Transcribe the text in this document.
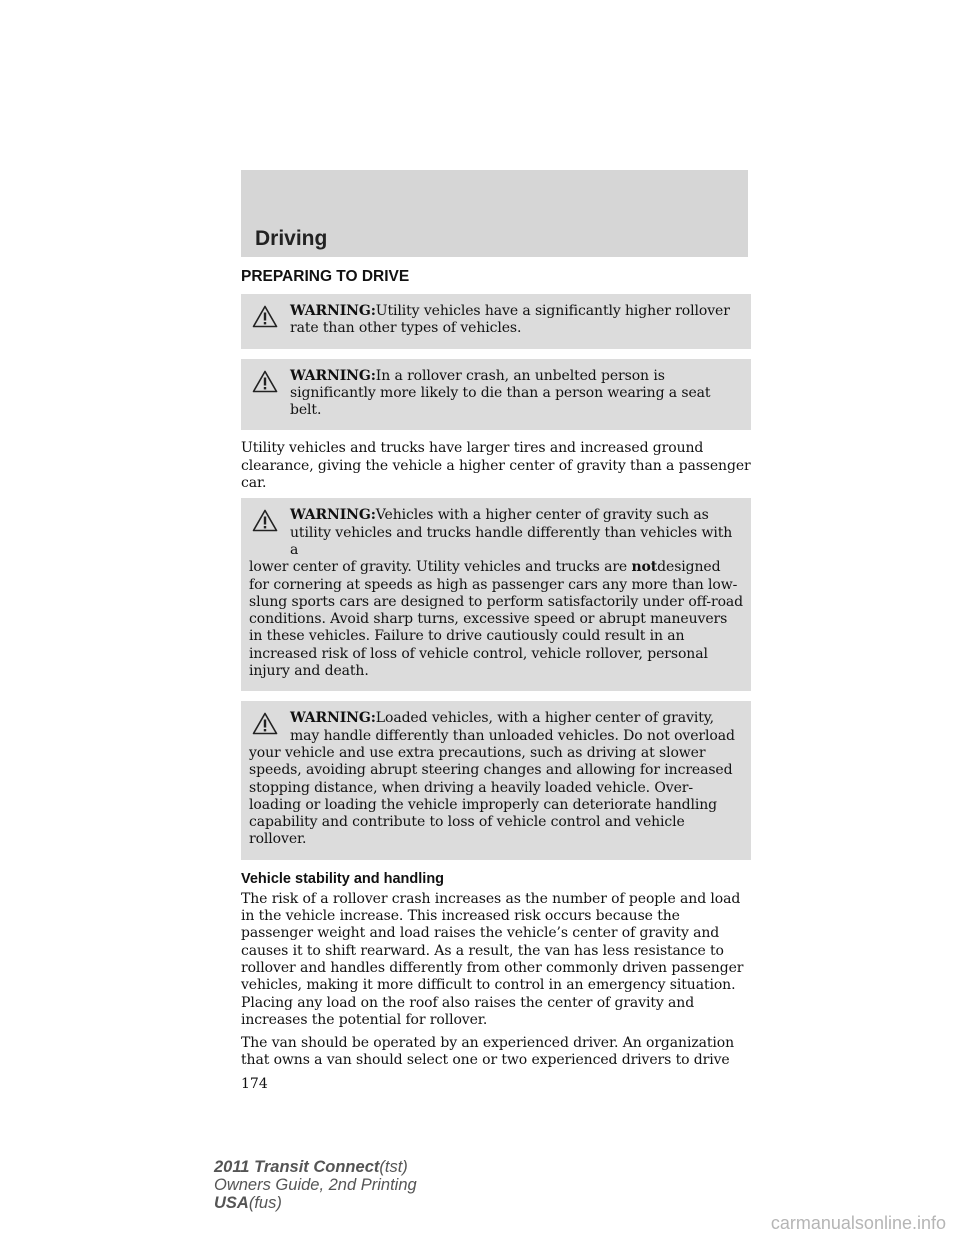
Driving
PREPARING TO DRIVE
WARNING:Utility vehicles have a significantly higher rollover rate than other types of vehicles.
WARNING:In a rollover crash, an unbelted person is significantly more likely to die than a person wearing a seat belt.

Utility vehicles and trucks have larger tires and increased ground clearance, giving the vehicle a higher center of gravity than a passenger car.

WARNING:Vehicles with a higher center of gravity such as
utility vehicles and trucks handle differently than vehicles with a
lower center of gravity. Utility vehicles and trucks are notdesigned for cornering at speeds as high as passenger cars any more than low-slung sports cars are designed to perform satisfactorily under off-road conditions. Avoid sharp turns, excessive speed or abrupt maneuvers in these vehicles. Failure to drive cautiously could result in an increased risk of loss of vehicle control, vehicle rollover, personal injury and death.
WARNING:Loaded vehicles, with a higher center of gravity,
may handle differently than unloaded vehicles. Do not overload
your vehicle and use extra precautions, such as driving at slower speeds, avoiding abrupt steering changes and allowing for increased stopping distance, when driving a heavily loaded vehicle. Over-loading or loading the vehicle improperly can deteriorate handling capability and contribute to loss of vehicle control and vehicle rollover.
Vehicle stability and handling

The risk of a rollover crash increases as the number of people and load in the vehicle increase. This increased risk occurs because the passenger weight and load raises the vehicle’s center of gravity and causes it to shift rearward. As a result, the van has less resistance to rollover and handles differently from other commonly driven passenger vehicles, making it more difficult to control in an emergency situation. Placing any load on the roof also raises the center of gravity and increases the potential for rollover.

The van should be operated by an experienced driver. An organization that owns a van should select one or two experienced drivers to drive

174
2011 Transit Connect(tst)
Owners Guide, 2nd Printing
USA(fus)
carmanualsonline.info
